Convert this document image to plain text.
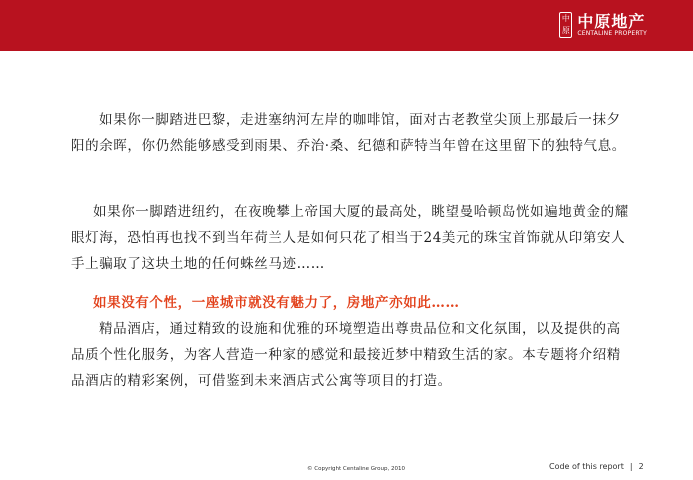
中
原 中原地产
CENTALINE PROPERTY

如果你一脚踏进巴黎，走进塞纳河左岸的咖啡馆，面对古老教堂尖顶上那最后一抹夕阳的余晖，你仍然能够感受到雨果、乔治·桑、纪德和萨特当年曾在这里留下的独特气息。

如果你一脚踏进纽约，在夜晚攀上帝国大厦的最高处，眺望曼哈顿岛恍如遍地黄金的耀眼灯海，恐怕再也找不到当年荷兰人是如何只花了相当于24美元的珠宝首饰就从印第安人手上骗取了这块土地的任何蛛丝马迹……

如果没有个性，一座城市就没有魅力了，房地产亦如此……

精品酒店，通过精致的设施和优雅的环境塑造出尊贵品位和文化氛围，以及提供的高品质个性化服务，为客人营造一种家的感觉和最接近梦中精致生活的家。本专题将介绍精品酒店的精彩案例，可借鉴到未来酒店式公寓等项目的打造。

© Copyright Centaline Group, 2010	Code of this report | 2
